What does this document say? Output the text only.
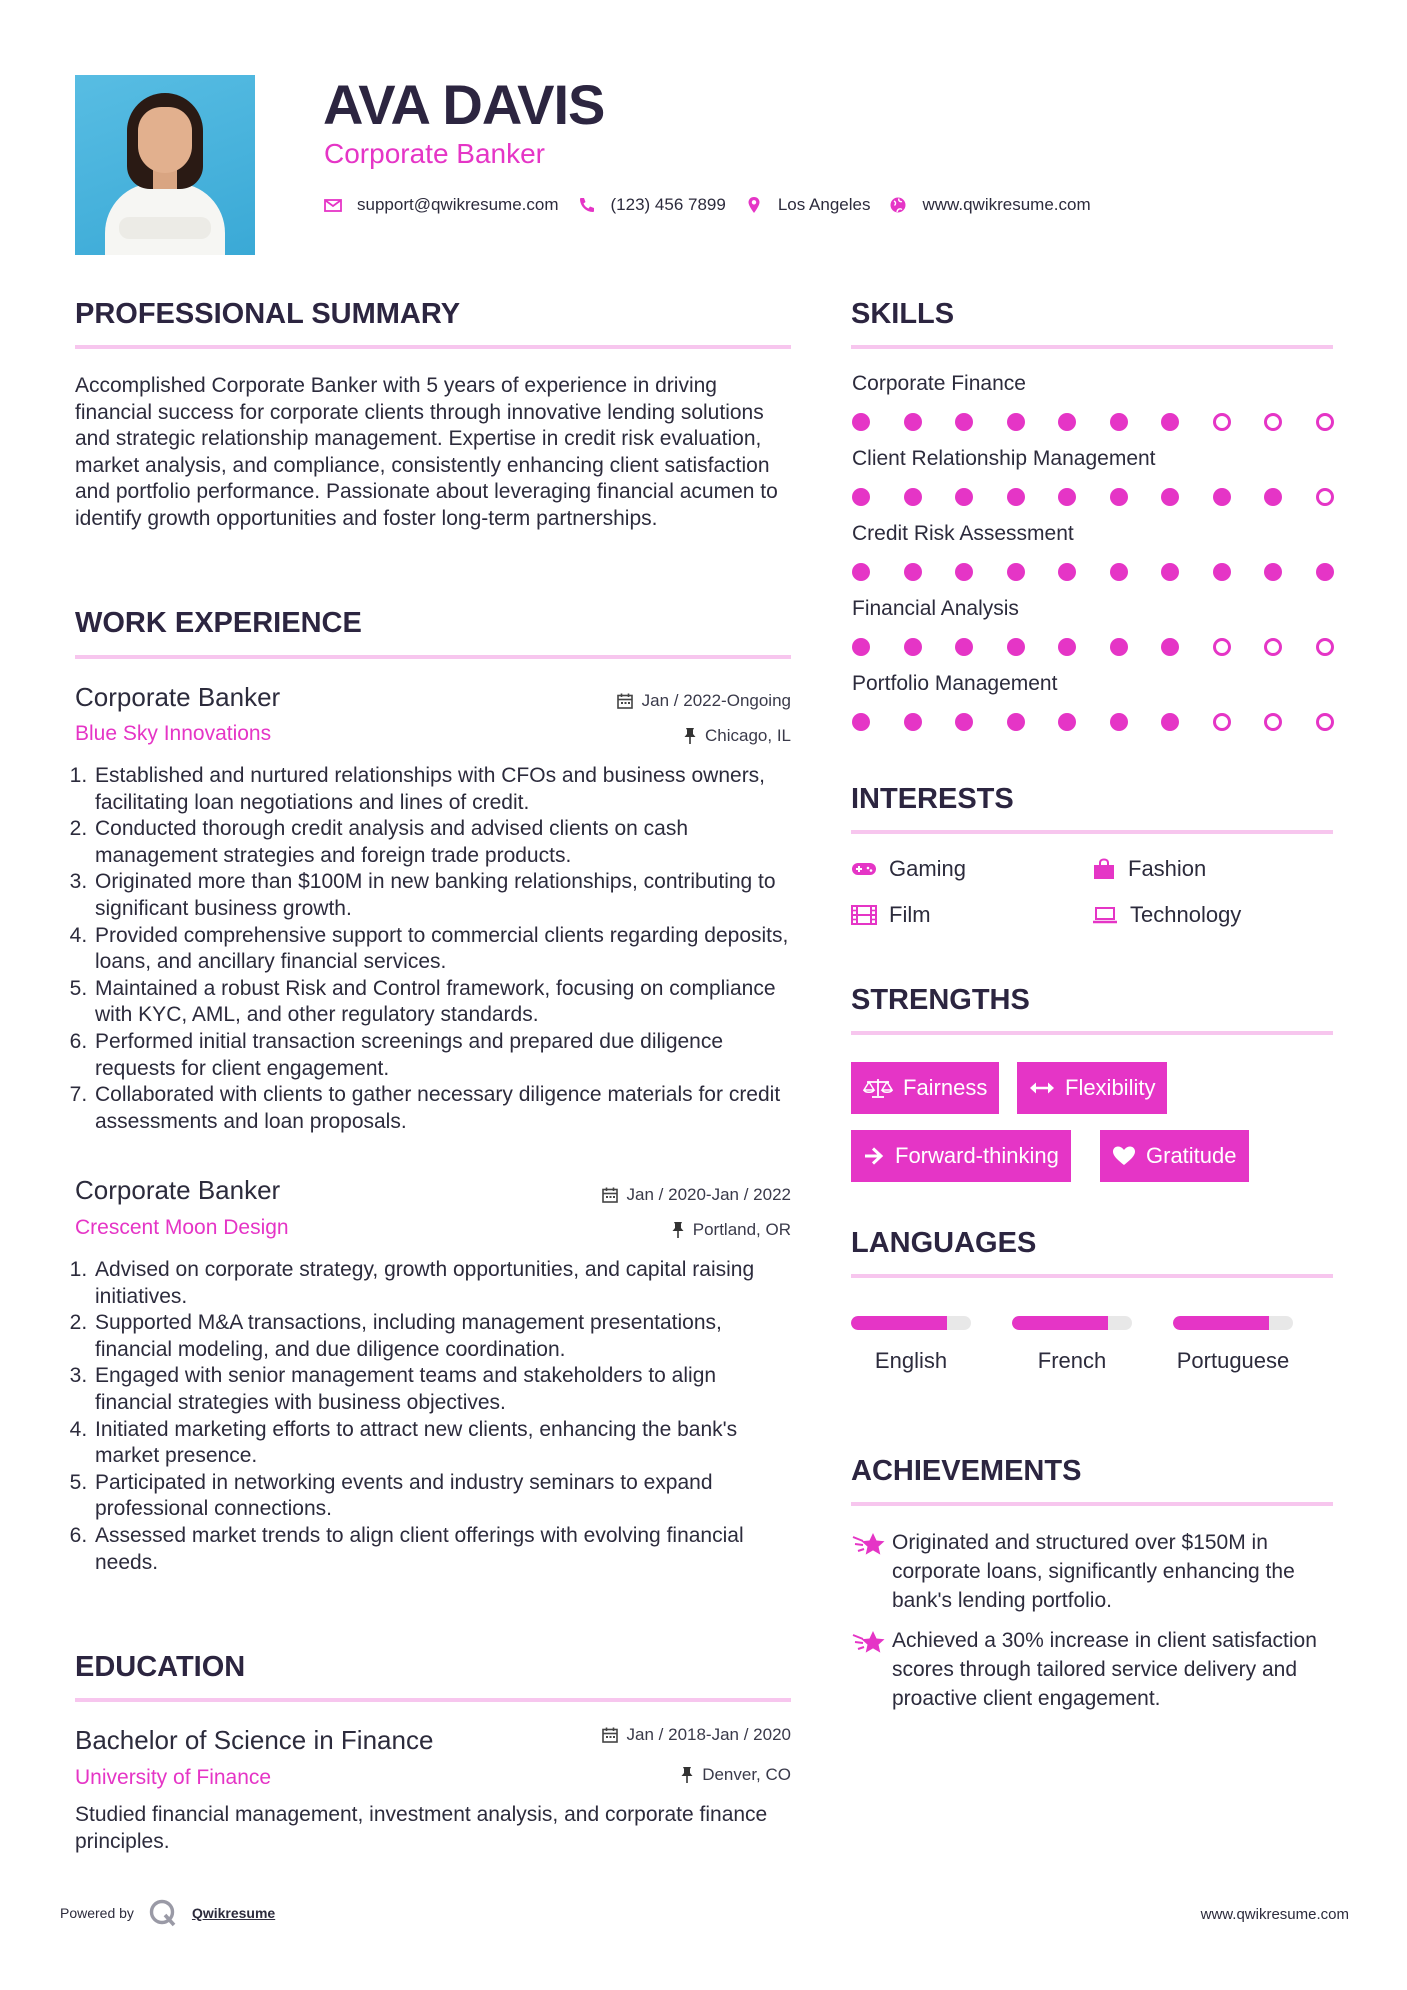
AVA DAVIS
Corporate Banker
support@qwikresume.com	(123) 456 7899	Los Angeles	www.qwikresume.com
PROFESSIONAL SUMMARY
Accomplished Corporate Banker with 5 years of experience in driving financial success for corporate clients through innovative lending solutions and strategic relationship management. Expertise in credit risk evaluation, market analysis, and compliance, consistently enhancing client satisfaction and portfolio performance. Passionate about leveraging financial acumen to identify growth opportunities and foster long-term partnerships.
WORK EXPERIENCE
Corporate Banker	Jan / 2022-Ongoing
Blue Sky Innovations	Chicago, IL
1. Established and nurtured relationships with CFOs and business owners, facilitating loan negotiations and lines of credit.
2. Conducted thorough credit analysis and advised clients on cash management strategies and foreign trade products.
3. Originated more than $100M in new banking relationships, contributing to significant business growth.
4. Provided comprehensive support to commercial clients regarding deposits, loans, and ancillary financial services.
5. Maintained a robust Risk and Control framework, focusing on compliance with KYC, AML, and other regulatory standards.
6. Performed initial transaction screenings and prepared due diligence requests for client engagement.
7. Collaborated with clients to gather necessary diligence materials for credit assessments and loan proposals.
Corporate Banker	Jan / 2020-Jan / 2022
Crescent Moon Design	Portland, OR
1. Advised on corporate strategy, growth opportunities, and capital raising initiatives.
2. Supported M&A transactions, including management presentations, financial modeling, and due diligence coordination.
3. Engaged with senior management teams and stakeholders to align financial strategies with business objectives.
4. Initiated marketing efforts to attract new clients, enhancing the bank's market presence.
5. Participated in networking events and industry seminars to expand professional connections.
6. Assessed market trends to align client offerings with evolving financial needs.
EDUCATION
Bachelor of Science in Finance	Jan / 2018-Jan / 2020
University of Finance	Denver, CO
Studied financial management, investment analysis, and corporate finance principles.
SKILLS
Corporate Finance
Client Relationship Management
Credit Risk Assessment
Financial Analysis
Portfolio Management
INTERESTS
Gaming	Fashion
Film	Technology
STRENGTHS
Fairness	Flexibility
Forward-thinking	Gratitude
LANGUAGES
English	French	Portuguese
ACHIEVEMENTS
Originated and structured over $150M in corporate loans, significantly enhancing the bank's lending portfolio.
Achieved a 30% increase in client satisfaction scores through tailored service delivery and proactive client engagement.
Powered by	Qwikresume	www.qwikresume.com
